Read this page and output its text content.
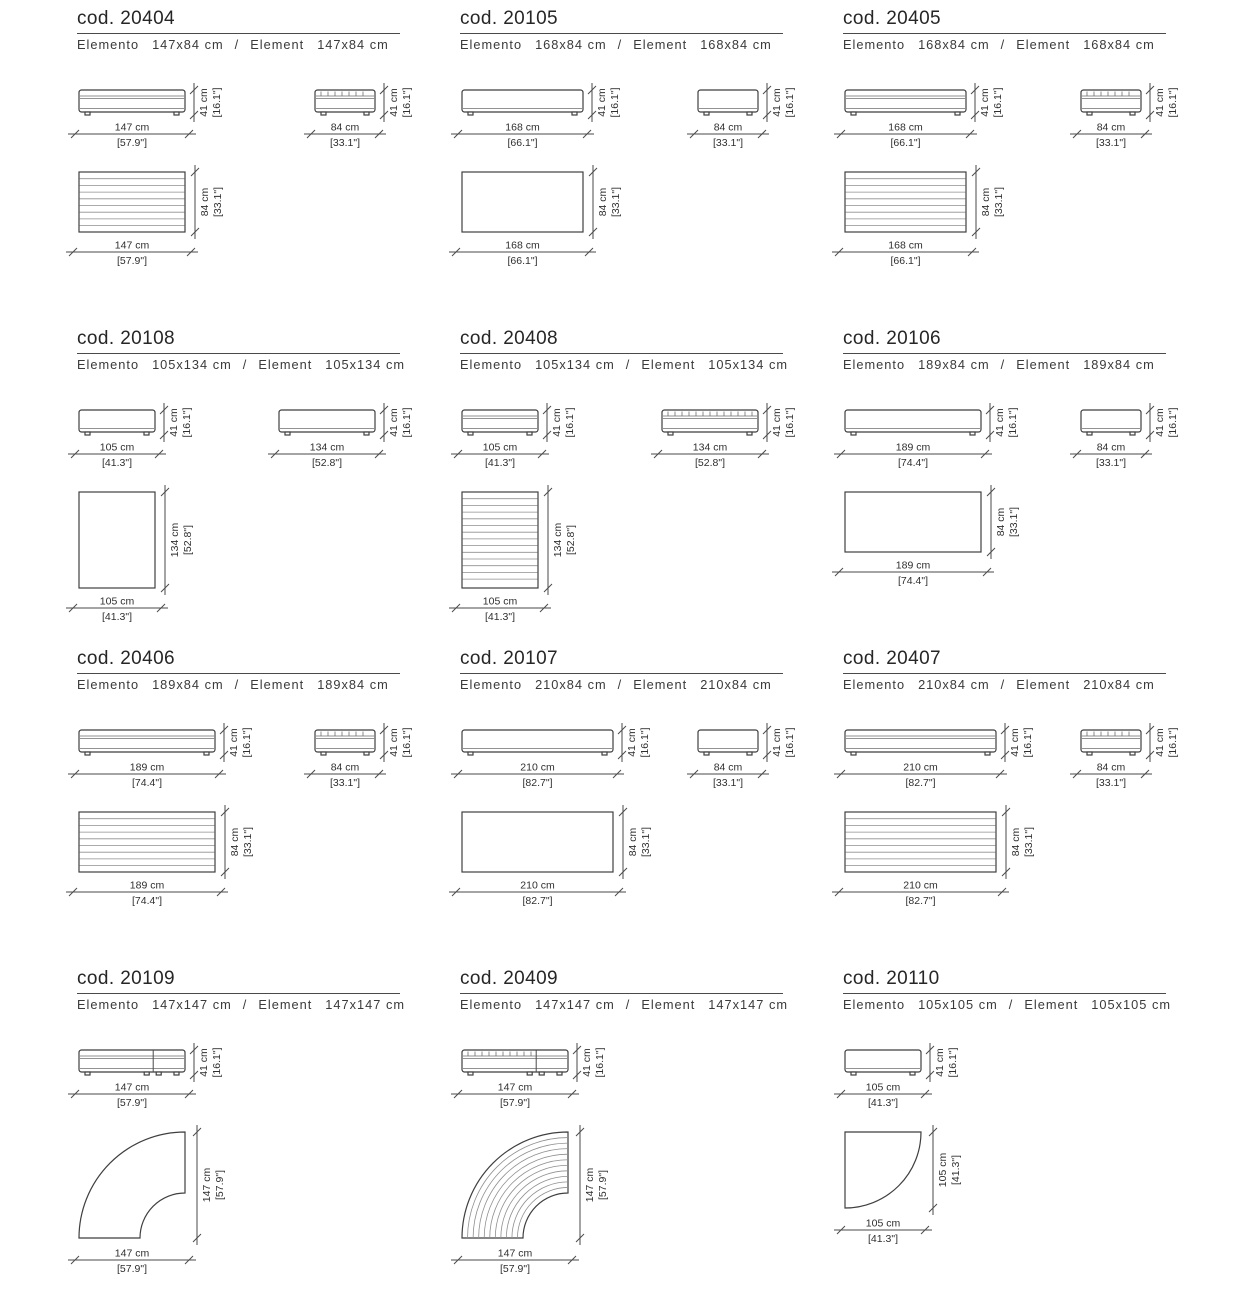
cod. 20404
Elemento 147x84 cm / Element 147x84 cm
147 cm
[57.9"]
41 cm [16.1"]
84 cm
[33.1"]
41 cm [16.1"]
147 cm
[57.9"]
84 cm [33.1"]
cod. 20105
Elemento 168x84 cm / Element 168x84 cm
168 cm
[66.1"]
41 cm [16.1"]
84 cm
[33.1"]
41 cm [16.1"]
168 cm
[66.1"]
84 cm [33.1"]
cod. 20405
Elemento 168x84 cm / Element 168x84 cm
168 cm
[66.1"]
41 cm [16.1"]
84 cm
[33.1"]
41 cm [16.1"]
168 cm
[66.1"]
84 cm [33.1"]
cod. 20108
Elemento 105x134 cm / Element 105x134 cm
105 cm
[41.3"]
41 cm [16.1"]
134 cm
[52.8"]
41 cm [16.1"]
105 cm
[41.3"]
134 cm [52.8"]
cod. 20408
Elemento 105x134 cm / Element 105x134 cm
105 cm
[41.3"]
41 cm [16.1"]
134 cm
[52.8"]
41 cm [16.1"]
105 cm
[41.3"]
134 cm [52.8"]
cod. 20106
Elemento 189x84 cm / Element 189x84 cm
189 cm
[74.4"]
41 cm [16.1"]
84 cm
[33.1"]
41 cm [16.1"]
189 cm
[74.4"]
84 cm [33.1"]
cod. 20406
Elemento 189x84 cm / Element 189x84 cm
189 cm
[74.4"]
41 cm [16.1"]
84 cm
[33.1"]
41 cm [16.1"]
189 cm
[74.4"]
84 cm [33.1"]
cod. 20107
Elemento 210x84 cm / Element 210x84 cm
210 cm
[82.7"]
41 cm [16.1"]
84 cm
[33.1"]
41 cm [16.1"]
210 cm
[82.7"]
84 cm [33.1"]
cod. 20407
Elemento 210x84 cm / Element 210x84 cm
210 cm
[82.7"]
41 cm [16.1"]
84 cm
[33.1"]
41 cm [16.1"]
210 cm
[82.7"]
84 cm [33.1"]
cod. 20109
Elemento 147x147 cm / Element 147x147 cm
147 cm
[57.9"]
41 cm [16.1"]
147 cm
[57.9"]
147 cm [57.9"]
cod. 20409
Elemento 147x147 cm / Element 147x147 cm
147 cm
[57.9"]
41 cm [16.1"]
147 cm
[57.9"]
147 cm [57.9"]
cod. 20110
Elemento 105x105 cm / Element 105x105 cm
105 cm
[41.3"]
41 cm [16.1"]
105 cm
[41.3"]
105 cm [41.3"]
